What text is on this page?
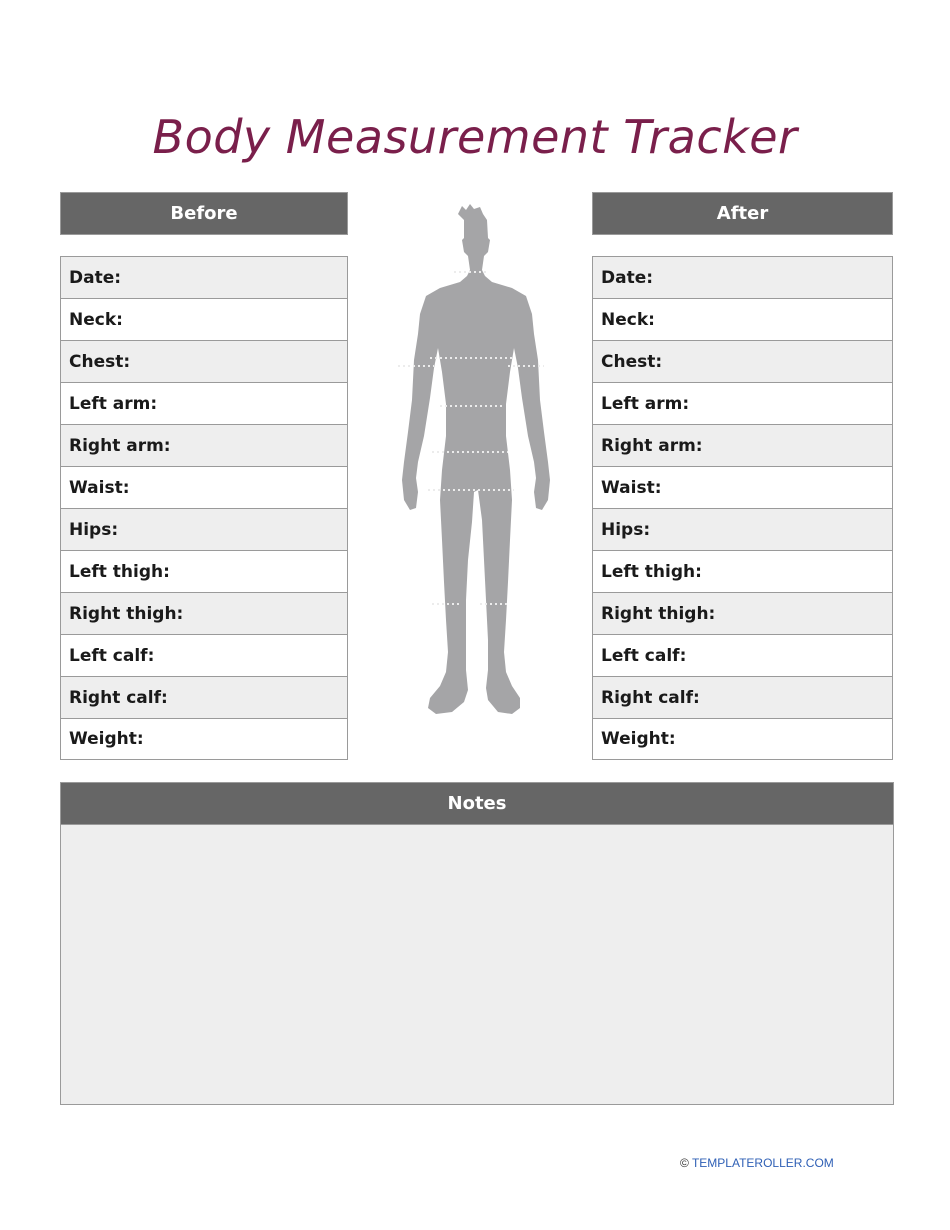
Body Measurement Tracker
Before
Date:
Neck:
Chest:
Left arm:
Right arm:
Waist:
Hips:
Left thigh:
Right thigh:
Left calf:
Right calf:
Weight:
After
Date:
Neck:
Chest:
Left arm:
Right arm:
Waist:
Hips:
Left thigh:
Right thigh:
Left calf:
Right calf:
Weight:
Notes
© TEMPLATEROLLER.COM
